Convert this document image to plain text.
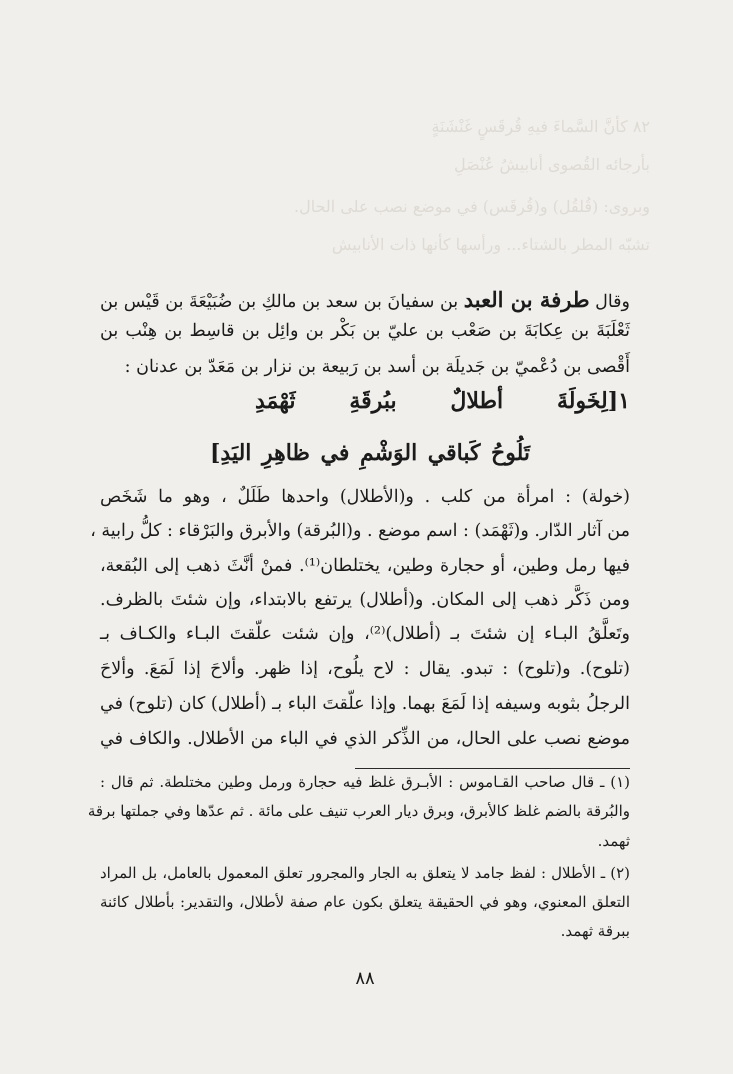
٨٢ كأنَّ السَّماءَ فيهِ قُرقَسٍ غَنْشَنَةٍ
بأرجائه القُصوى أنابيشُ عُنْصَلِ
وبروى: (قُلقُل) و(قُرقَس) في موضع نصب على الحال.
تشبّه المطر بالشتاء... ورأسها كأنها ذات الأنابيش
وقال طرفة بن العبد بن سفيانَ بن سعد بن مالكِ بن ضُبَيْعَةَ بن قَيْس بن
ثَعْلَبَةَ بن عِكابَةَ بن صَعْب بن عليّ بن بَكْر بن وائِل بن قاسِط بن هِنْب بن
أَقْصى بن دُعْميّ بن جَديلَة بن أسد بن رَبيعة بن نزار بن مَعَدّ بن عدنان :
١[لِخَولَةَ أطلالٌ ببُرقَةِ ثَهْمَدِ
تَلُوحُ كَباقي الوَشْمِ في ظاهِرِ اليَدِ]
(خولة) : امرأة من كلب . و(الأطلال) واحدها طَلَلٌ ، وهو ما شَخَص
من آثار الدّار. و(ثَهْمَد) : اسم موضع . و(البُرقة) والأبرق والبَرْقاء : كلُّ رابية ،
فيها رمل وطين، أو حجارة وطين، يختلطان⁽¹⁾. فمنْ أنَّثَ ذهب إلى البُقعة،
ومن ذَكَّر ذهب إلى المكان. و(أطلال) يرتفع بالابتداء، وإن شئتَ بالظرف.
وتَعلَّقُ البـاء إن شئتَ بـ (أطلال)⁽²⁾، وإن شئت علّقتَ البـاء والكـاف بـ
(تلوح). و(تلوح) : تبدو. يقال : لاح يلُوح، إذا ظهر. وألاحَ إذا لَمَعَ. وألاحَ
الرجلُ بثوبه وسيفه إذا لَمَعَ بهما. وإذا علّقتَ الباء بـ (أطلال) كان (تلوح) في
موضع نصب على الحال، من الذِّكر الذي في الباء من الأطلال. والكاف في
(١) ـ قال صاحب القـاموس : الأبـرق غلظ فيه حجارة ورمل وطين مختلطة. ثم قال :
والبُرقة بالضم غلظ كالأبرق، وبرق ديار العرب تنيف على مائة . ثم عدّها وفي جملتها برقة
ثهمد.
(٢) ـ الأطلال : لفظ جامد لا يتعلق به الجار والمجرور تعلق المعمول بالعامل، بل المراد
التعلق المعنوي، وهو في الحقيقة يتعلق بكون عام صفة لأطلال، والتقدير: بأطلال كائنة
ببرقة ثهمد.
٨٨
